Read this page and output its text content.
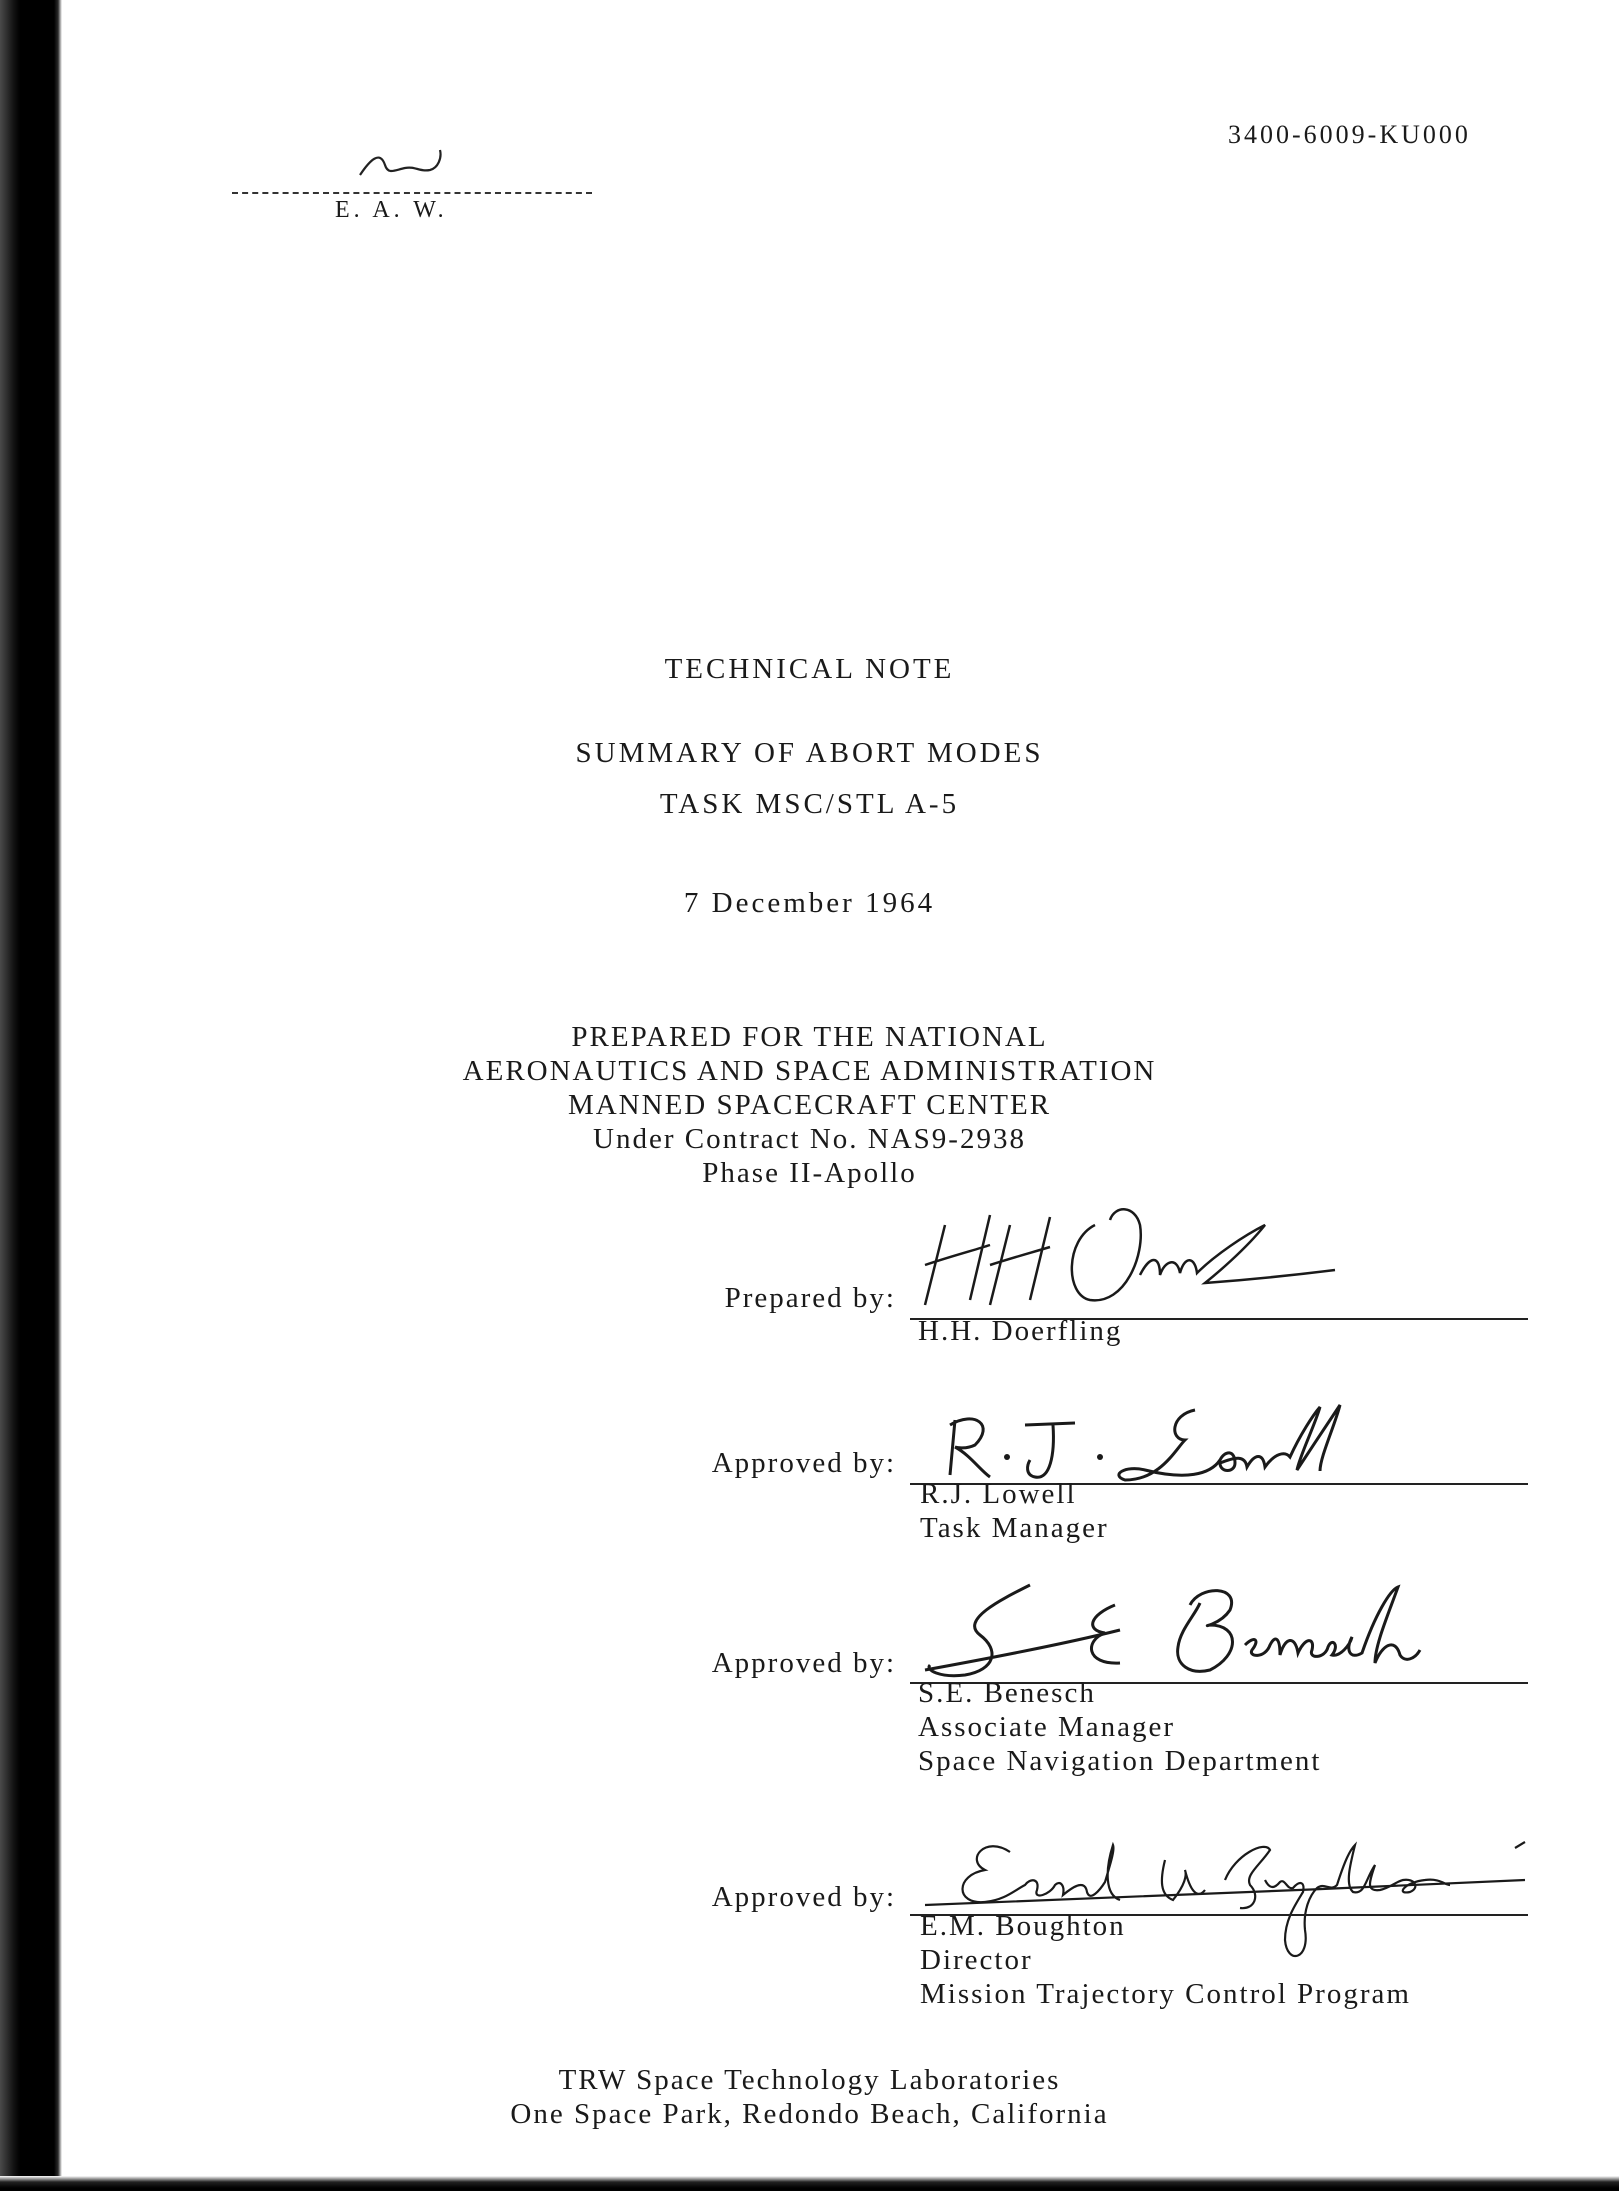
3400-6009-KU000
E. A. W.
TECHNICAL NOTE
SUMMARY OF ABORT MODES
TASK MSC/STL A-5
7 December 1964
PREPARED FOR THE NATIONAL
AERONAUTICS AND SPACE ADMINISTRATION
MANNED SPACECRAFT CENTER
Under Contract No. NAS9-2938
Phase II-Apollo
Prepared by:
H.H. Doerfling
Approved by:
R.J. Lowell
Task Manager
Approved by:
S.E. Benesch
Associate Manager
Space Navigation Department
Approved by:
E.M. Boughton
Director
Mission Trajectory Control Program
TRW Space Technology Laboratories
One Space Park, Redondo Beach, California
